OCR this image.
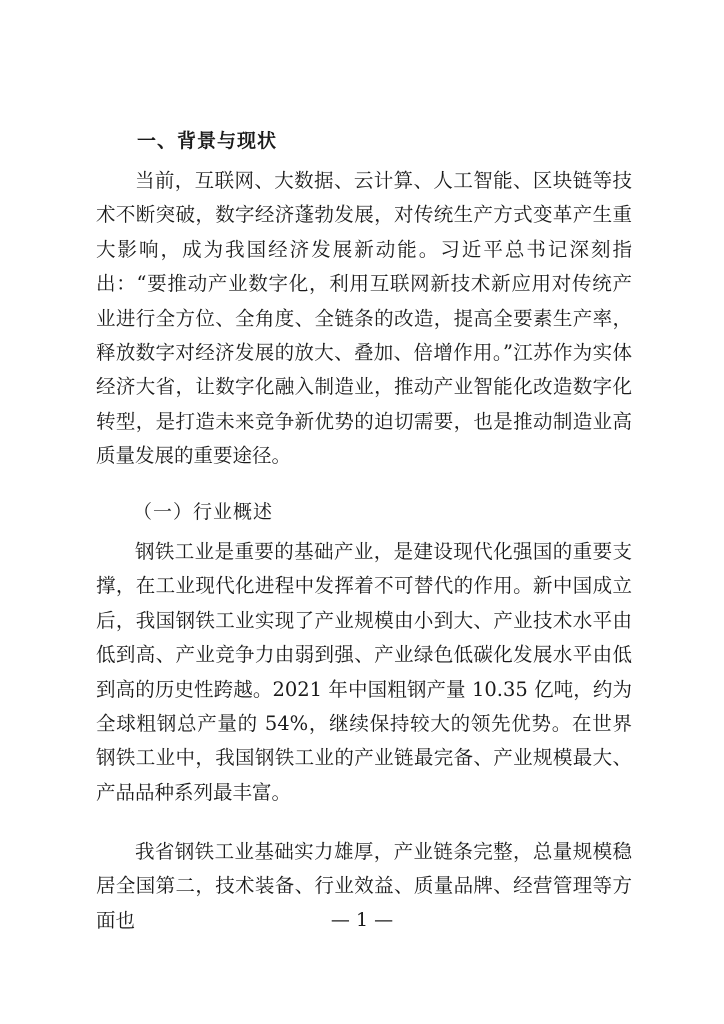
一、背景与现状

当前，互联网、大数据、云计算、人工智能、区块链等技术不断突破，数字经济蓬勃发展，对传统生产方式变革产生重大影响，成为我国经济发展新动能。习近平总书记深刻指出：“要推动产业数字化，利用互联网新技术新应用对传统产业进行全方位、全角度、全链条的改造，提高全要素生产率，释放数字对经济发展的放大、叠加、倍增作用。”江苏作为实体经济大省，让数字化融入制造业，推动产业智能化改造数字化转型，是打造未来竞争新优势的迫切需要，也是推动制造业高质量发展的重要途径。

（一）行业概述

钢铁工业是重要的基础产业，是建设现代化强国的重要支撑，在工业现代化进程中发挥着不可替代的作用。新中国成立后，我国钢铁工业实现了产业规模由小到大、产业技术水平由低到高、产业竞争力由弱到强、产业绿色低碳化发展水平由低到高的历史性跨越。2021 年中国粗钢产量 10.35 亿吨，约为全球粗钢总产量的 54%，继续保持较大的领先优势。在世界钢铁工业中，我国钢铁工业的产业链最完备、产业规模最大、产品品种系列最丰富。

我省钢铁工业基础实力雄厚，产业链条完整，总量规模稳居全国第二，技术装备、行业效益、质量品牌、经营管理等方面也	— 1 —
